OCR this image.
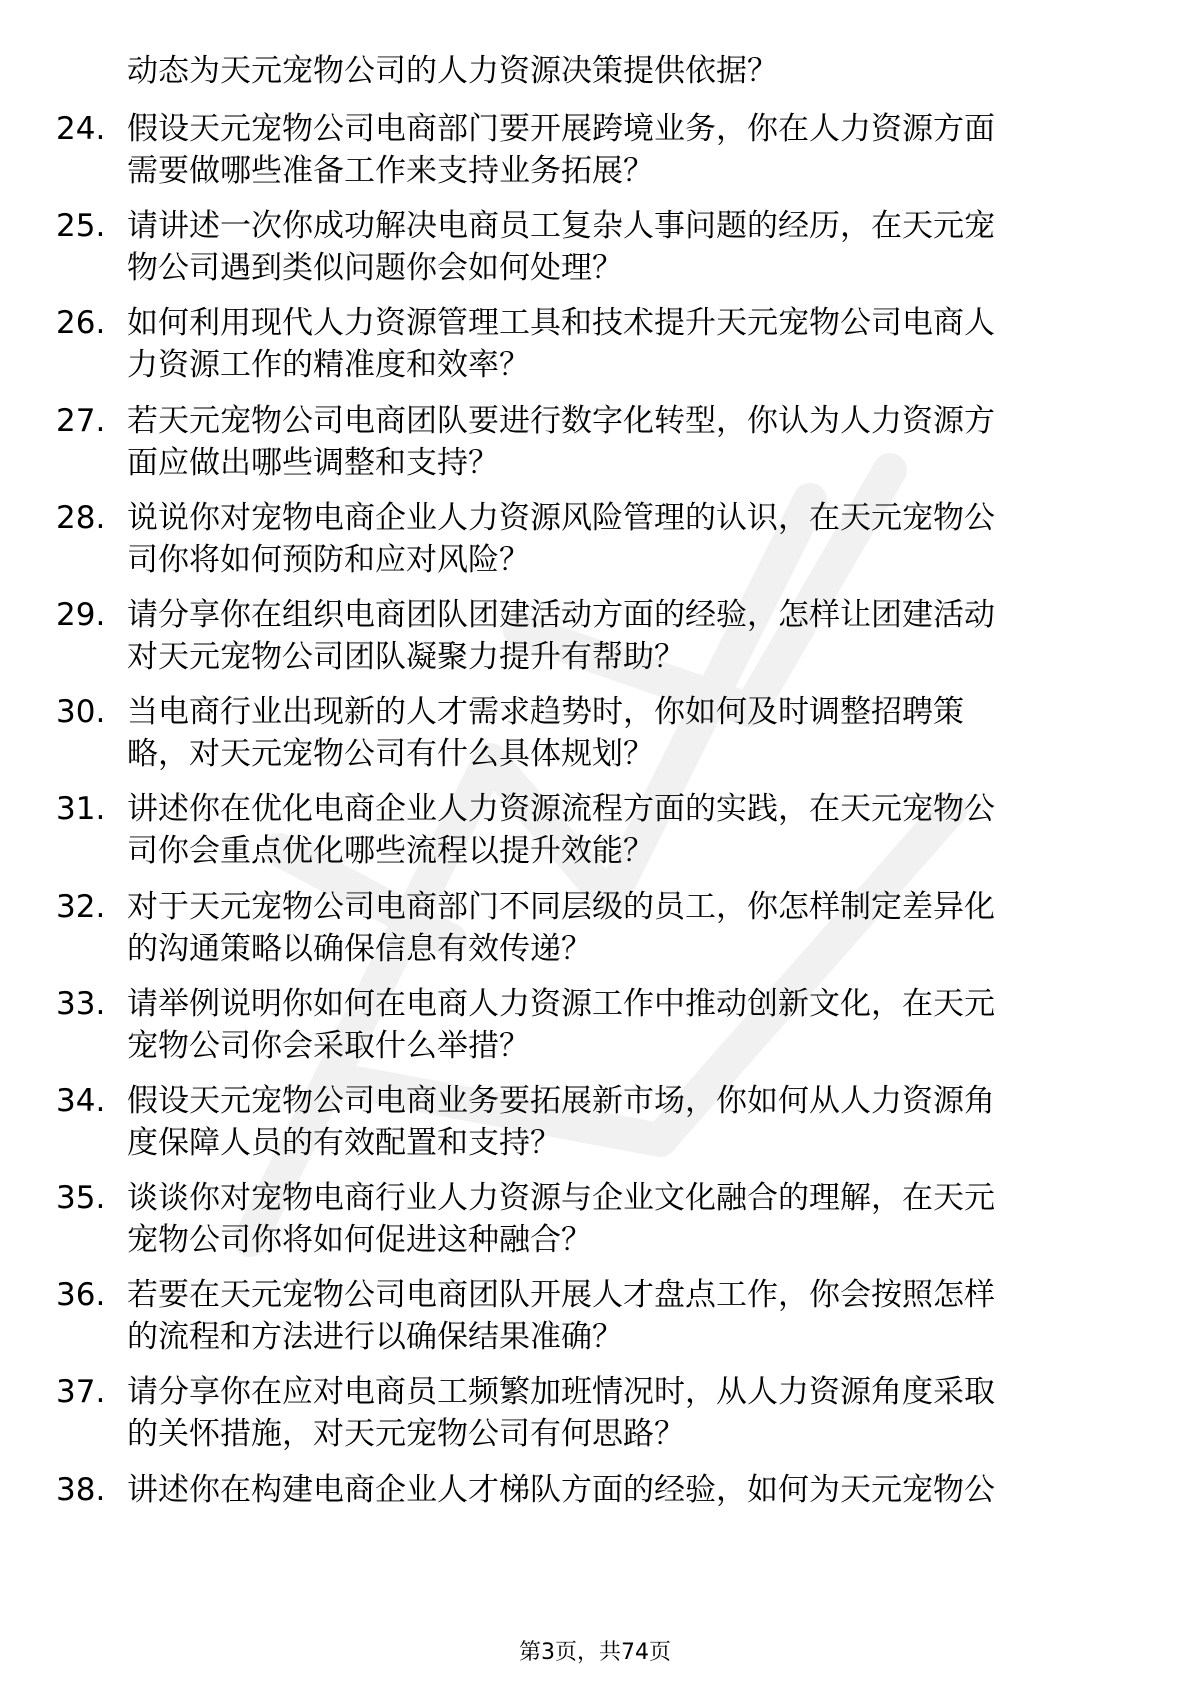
动态为天元宠物公司的人力资源决策提供依据？
24. 假设天元宠物公司电商部门要开展跨境业务，你在人力资源方面
需要做哪些准备工作来支持业务拓展？
25. 请讲述一次你成功解决电商员工复杂人事问题的经历，在天元宠
物公司遇到类似问题你会如何处理？
26. 如何利用现代人力资源管理工具和技术提升天元宠物公司电商人
力资源工作的精准度和效率？
27. 若天元宠物公司电商团队要进行数字化转型，你认为人力资源方
面应做出哪些调整和支持？
28. 说说你对宠物电商企业人力资源风险管理的认识，在天元宠物公
司你将如何预防和应对风险？
29. 请分享你在组织电商团队团建活动方面的经验，怎样让团建活动
对天元宠物公司团队凝聚力提升有帮助？
30. 当电商行业出现新的人才需求趋势时，你如何及时调整招聘策
略，对天元宠物公司有什么具体规划？
31. 讲述你在优化电商企业人力资源流程方面的实践，在天元宠物公
司你会重点优化哪些流程以提升效能？
32. 对于天元宠物公司电商部门不同层级的员工，你怎样制定差异化
的沟通策略以确保信息有效传递？
33. 请举例说明你如何在电商人力资源工作中推动创新文化，在天元
宠物公司你会采取什么举措？
34. 假设天元宠物公司电商业务要拓展新市场，你如何从人力资源角
度保障人员的有效配置和支持？
35. 谈谈你对宠物电商行业人力资源与企业文化融合的理解，在天元
宠物公司你将如何促进这种融合？
36. 若要在天元宠物公司电商团队开展人才盘点工作，你会按照怎样
的流程和方法进行以确保结果准确？
37. 请分享你在应对电商员工频繁加班情况时，从人力资源角度采取
的关怀措施，对天元宠物公司有何思路？
38. 讲述你在构建电商企业人才梯队方面的经验，如何为天元宠物公
第3页，共74页
